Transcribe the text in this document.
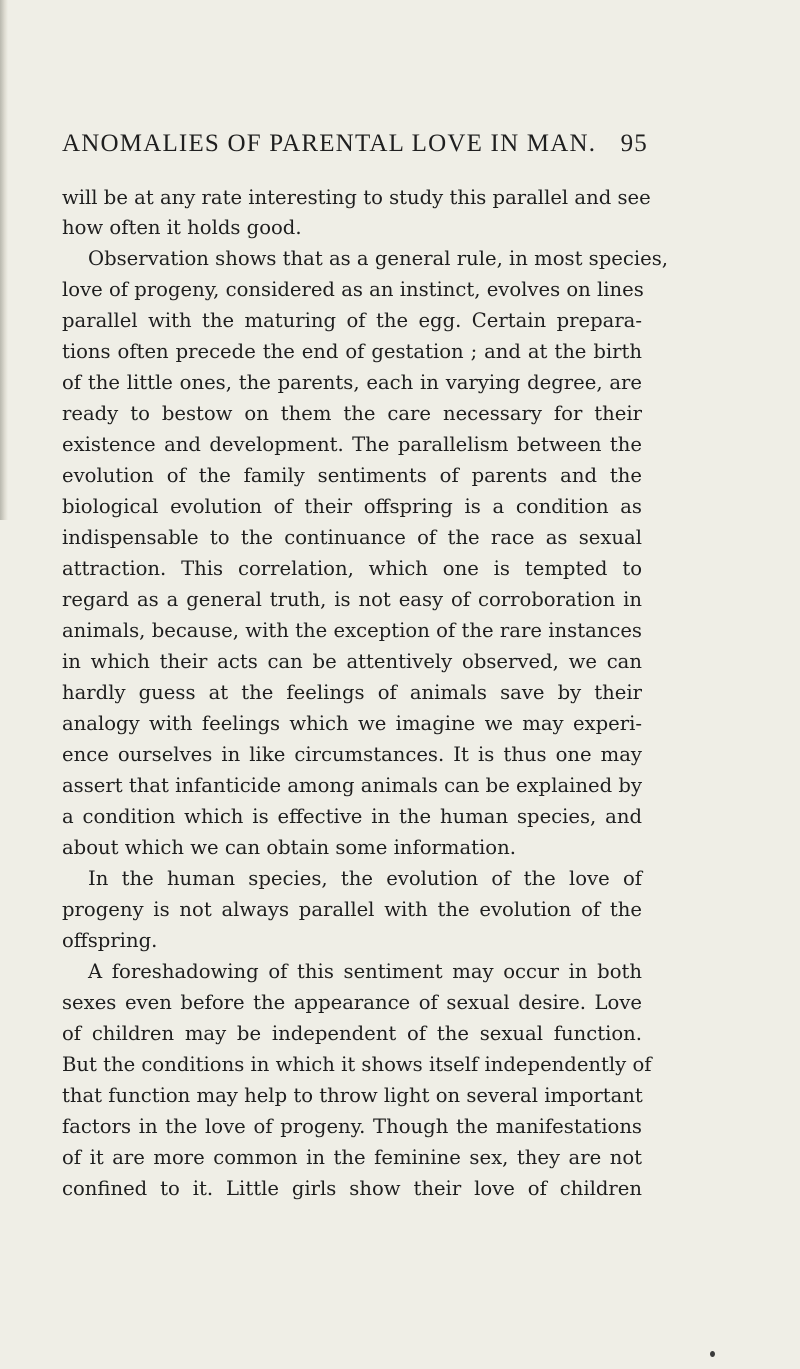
ANOMALIES OF PARENTAL LOVE IN MAN. 95
will be at any rate interesting to study this parallel and see
how often it holds good.
Observation shows that as a general rule, in most species,
love of progeny, considered as an instinct, evolves on lines
parallel with the maturing of the egg. Certain prepara-
tions often precede the end of gestation ; and at the birth
of the little ones, the parents, each in varying degree, are
ready to bestow on them the care necessary for their
existence and development. The parallelism between the
evolution of the family sentiments of parents and the
biological evolution of their offspring is a condition as
indispensable to the continuance of the race as sexual
attraction. This correlation, which one is tempted to
regard as a general truth, is not easy of corroboration in
animals, because, with the exception of the rare instances
in which their acts can be attentively observed, we can
hardly guess at the feelings of animals save by their
analogy with feelings which we imagine we may experi-
ence ourselves in like circumstances. It is thus one may
assert that infanticide among animals can be explained by
a condition which is effective in the human species, and
about which we can obtain some information.
In the human species, the evolution of the love of
progeny is not always parallel with the evolution of the
offspring.
A foreshadowing of this sentiment may occur in both
sexes even before the appearance of sexual desire. Love
of children may be independent of the sexual function.
But the conditions in which it shows itself independently of
that function may help to throw light on several important
factors in the love of progeny. Though the manifestations
of it are more common in the feminine sex, they are not
confined to it. Little girls show their love of children
